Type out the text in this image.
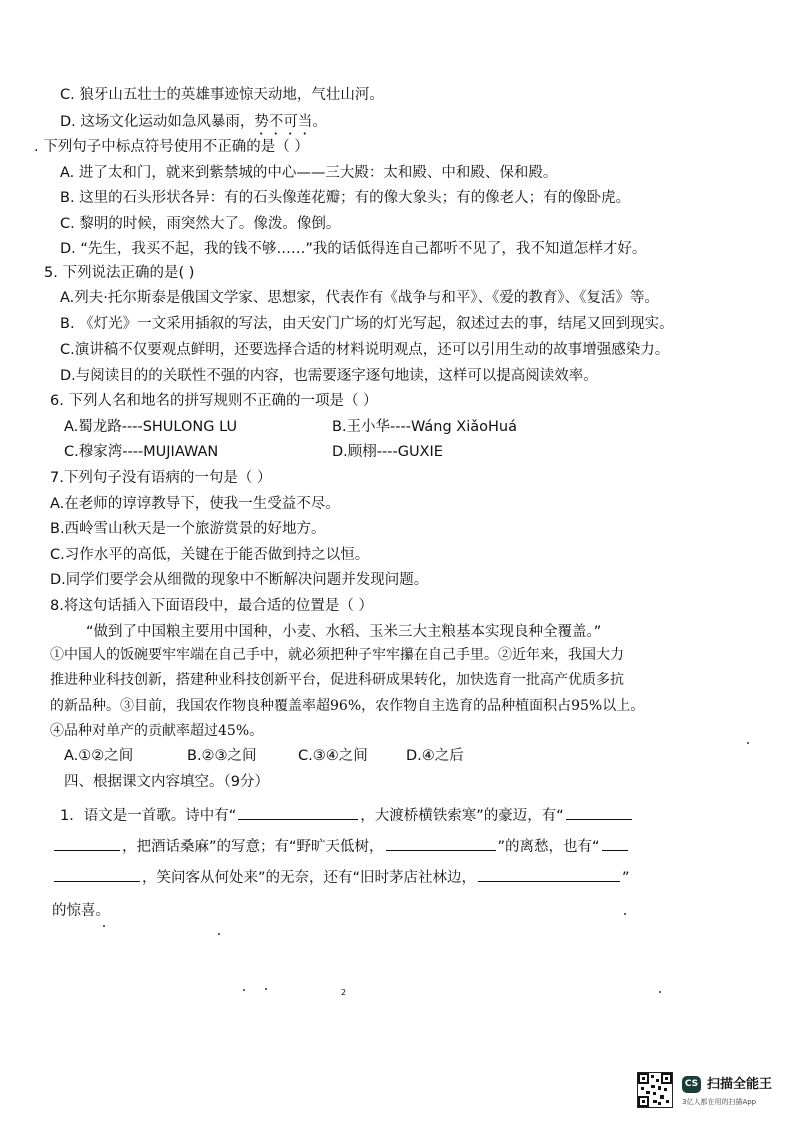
C. 狼牙山五壮士的英雄事迹惊天动地，气壮山河。
D. 这场文化运动如急风暴雨，势不可当。
. 下列句子中标点符号使用不正确的是（ ）
A. 进了太和门，就来到紫禁城的中心——三大殿：太和殿、中和殿、保和殿。
B. 这里的石头形状各异：有的石头像莲花瓣；有的像大象头；有的像老人；有的像卧虎。
C. 黎明的时候，雨突然大了。像泼。像倒。
D. “先生，我买不起，我的钱不够……”我的话低得连自己都听不见了，我不知道怎样才好。
5. 下列说法正确的是( )
A.列夫·托尔斯泰是俄国文学家、思想家，代表作有《战争与和平》、《爱的教育》、《复活》等。
B. 《灯光》一文采用插叙的写法，由天安门广场的灯光写起，叙述过去的事，结尾又回到现实。
C.演讲稿不仅要观点鲜明，还要选择合适的材料说明观点，还可以引用生动的故事增强感染力。
D.与阅读目的的关联性不强的内容，也需要逐字逐句地读，这样可以提高阅读效率。
6. 下列人名和地名的拼写规则不正确的一项是（ ）
A.蜀龙路----SHULONG LU	B.王小华----Wáng XiǎoHuá
C.穆家湾----MUJIAWAN	D.顾栩----GUXIE
7.下列句子没有语病的一句是（ ）
A.在老师的谆谆教导下，使我一生受益不尽。
B.西岭雪山秋天是一个旅游赏景的好地方。
C.习作水平的高低，关键在于能否做到持之以恒。
D.同学们要学会从细微的现象中不断解决问题并发现问题。
8.将这句话插入下面语段中，最合适的位置是（ ）
“做到了中国粮主要用中国种，小麦、水稻、玉米三大主粮基本实现良种全覆盖。”
①中国人的饭碗要牢牢端在自己手中，就必须把种子牢牢攥在自己手里。②近年来，我国大力
推进种业科技创新，搭建种业科技创新平台，促进科研成果转化，加快选育一批高产优质多抗
的新品种。③目前，我国农作物良种覆盖率超96%，农作物自主选育的品种植面积占95%以上。
④品种对单产的贡献率超过45%。
A.①②之间	B.②③之间	C.③④之间	D.④之后
四、根据课文内容填空。（9分）
1．语文是一首歌。诗中有“	，大渡桥横铁索寒”的豪迈，有“
，把酒话桑麻”的写意；有“野旷天低树，	”的离愁，也有“
，笑问客从何处来”的无奈，还有“旧时茅店社林边，	”
的惊喜。
2
CS 扫描全能王
3亿人都在用的扫描App
